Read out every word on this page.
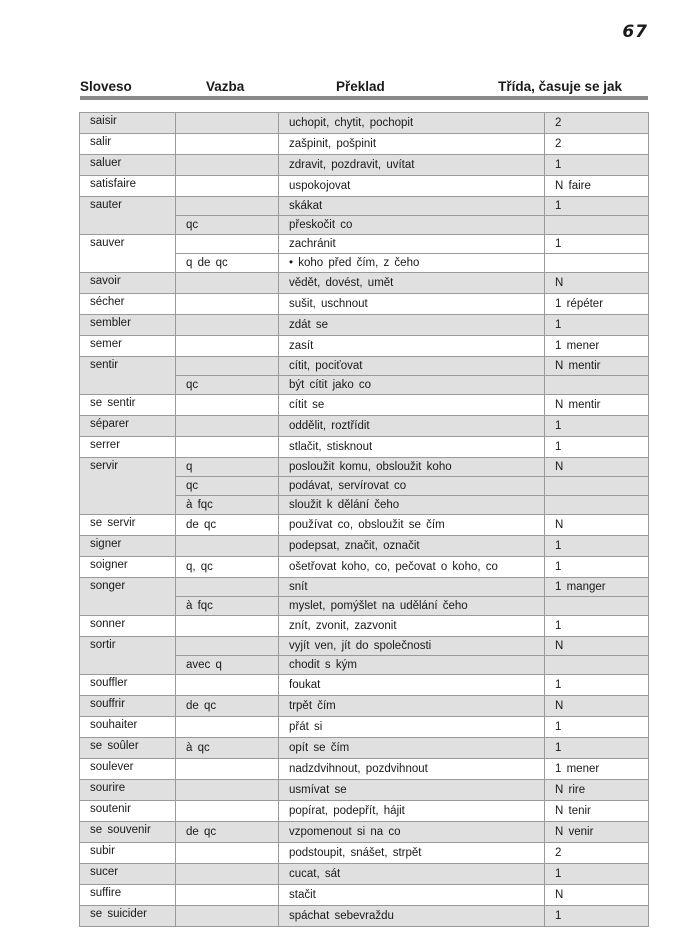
67
Sloveso	Vazba	Překlad	Třída, časuje se jak
saisir		uchopit, chytit, pochopit	2
salir		zašpinit, pošpinit	2
saluer		zdravit, pozdravit, uvítat	1
satisfaire		uspokojovat	N faire
sauter		skákat	1
	qc	přeskočit co	
sauver		zachránit	1
	q de qc	• koho před čím, z čeho	
savoir		vědět, dovést, umět	N
sécher		sušit, uschnout	1 répéter
sembler		zdát se	1
semer		zasít	1 mener
sentir		cítit, pociťovat	N mentir
	qc	být cítit jako co	
se sentir		cítit se	N mentir
séparer		oddělit, roztřídit	1
serrer		stlačit, stisknout	1
servir	q	posloužit komu, obsloužit koho	N
	qc	podávat, servírovat co	
	à fqc	sloužit k dělání čeho	
se servir	de qc	používat co, obsloužit se čím	N
signer		podepsat, značit, označit	1
soigner	q, qc	ošetřovat koho, co, pečovat o koho, co	1
songer		snít	1 manger
	à fqc	myslet, pomýšlet na udělání čeho	
sonner		znít, zvonit, zazvonit	1
sortir		vyjít ven, jít do společnosti	N
	avec q	chodit s kým	
souffler		foukat	1
souffrir	de qc	trpět čím	N
souhaiter		přát si	1
se soûler	à qc	opít se čím	1
soulever		nadzdvihnout, pozdvihnout	1 mener
sourire		usmívat se	N rire
soutenir		popírat, podepřít, hájit	N tenir
se souvenir	de qc	vzpomenout si na co	N venir
subir		podstoupit, snášet, strpět	2
sucer		cucat, sát	1
suffire		stačit	N
se suicider		spáchat sebevraždu	1
